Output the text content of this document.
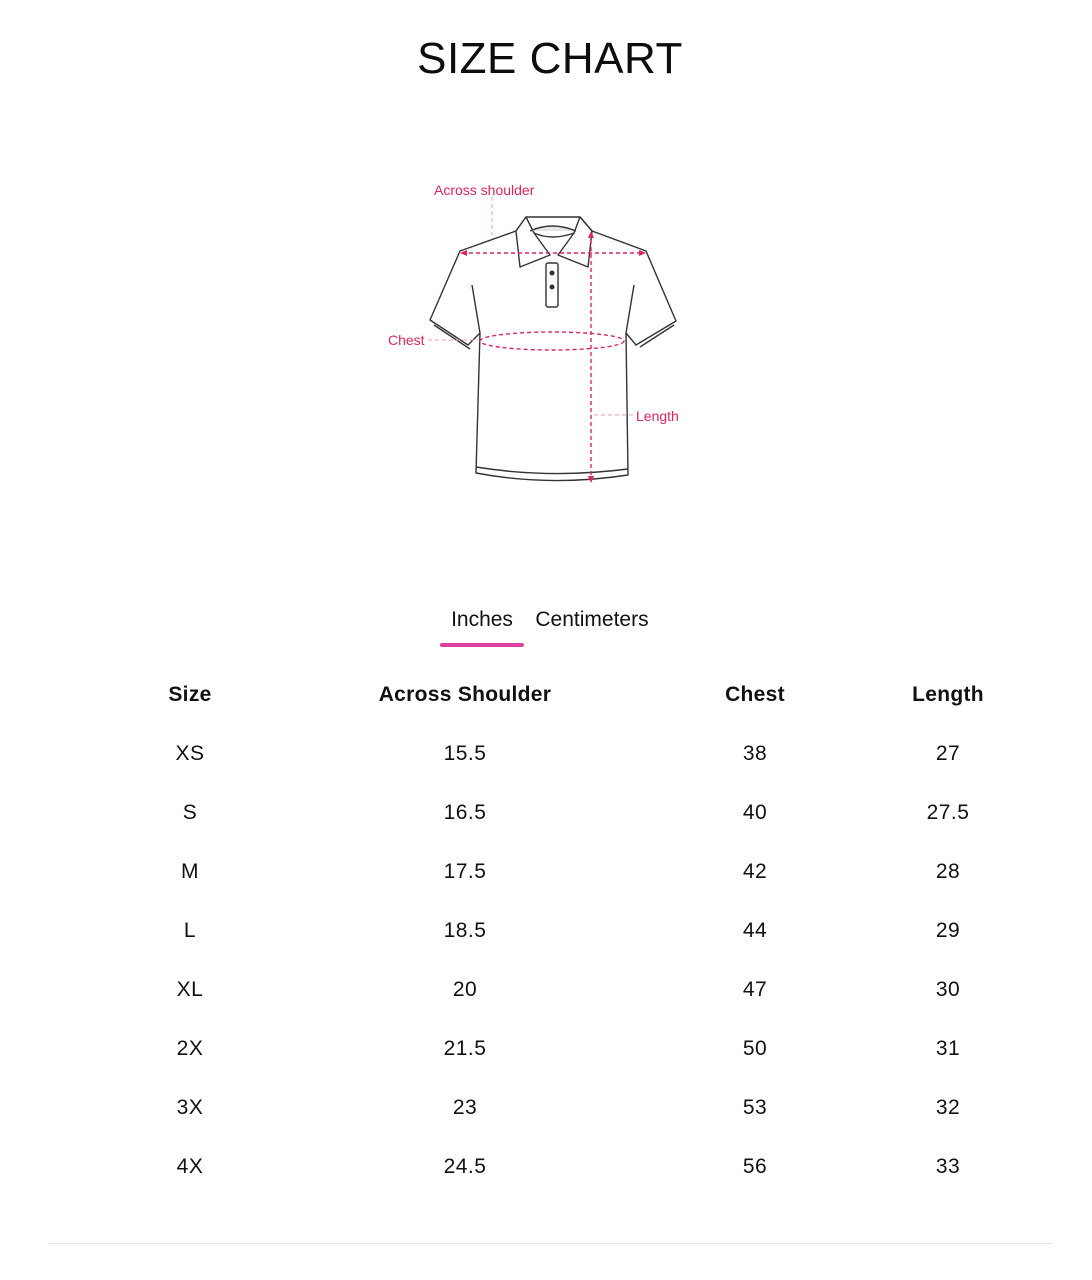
SIZE CHART
Across shoulder
Chest
Length
Inches	Centimeters
Size	Across Shoulder	Chest	Length
XS	15.5	38	27
S	16.5	40	27.5
M	17.5	42	28
L	18.5	44	29
XL	20	47	30
2X	21.5	50	31
3X	23	53	32
4X	24.5	56	33
